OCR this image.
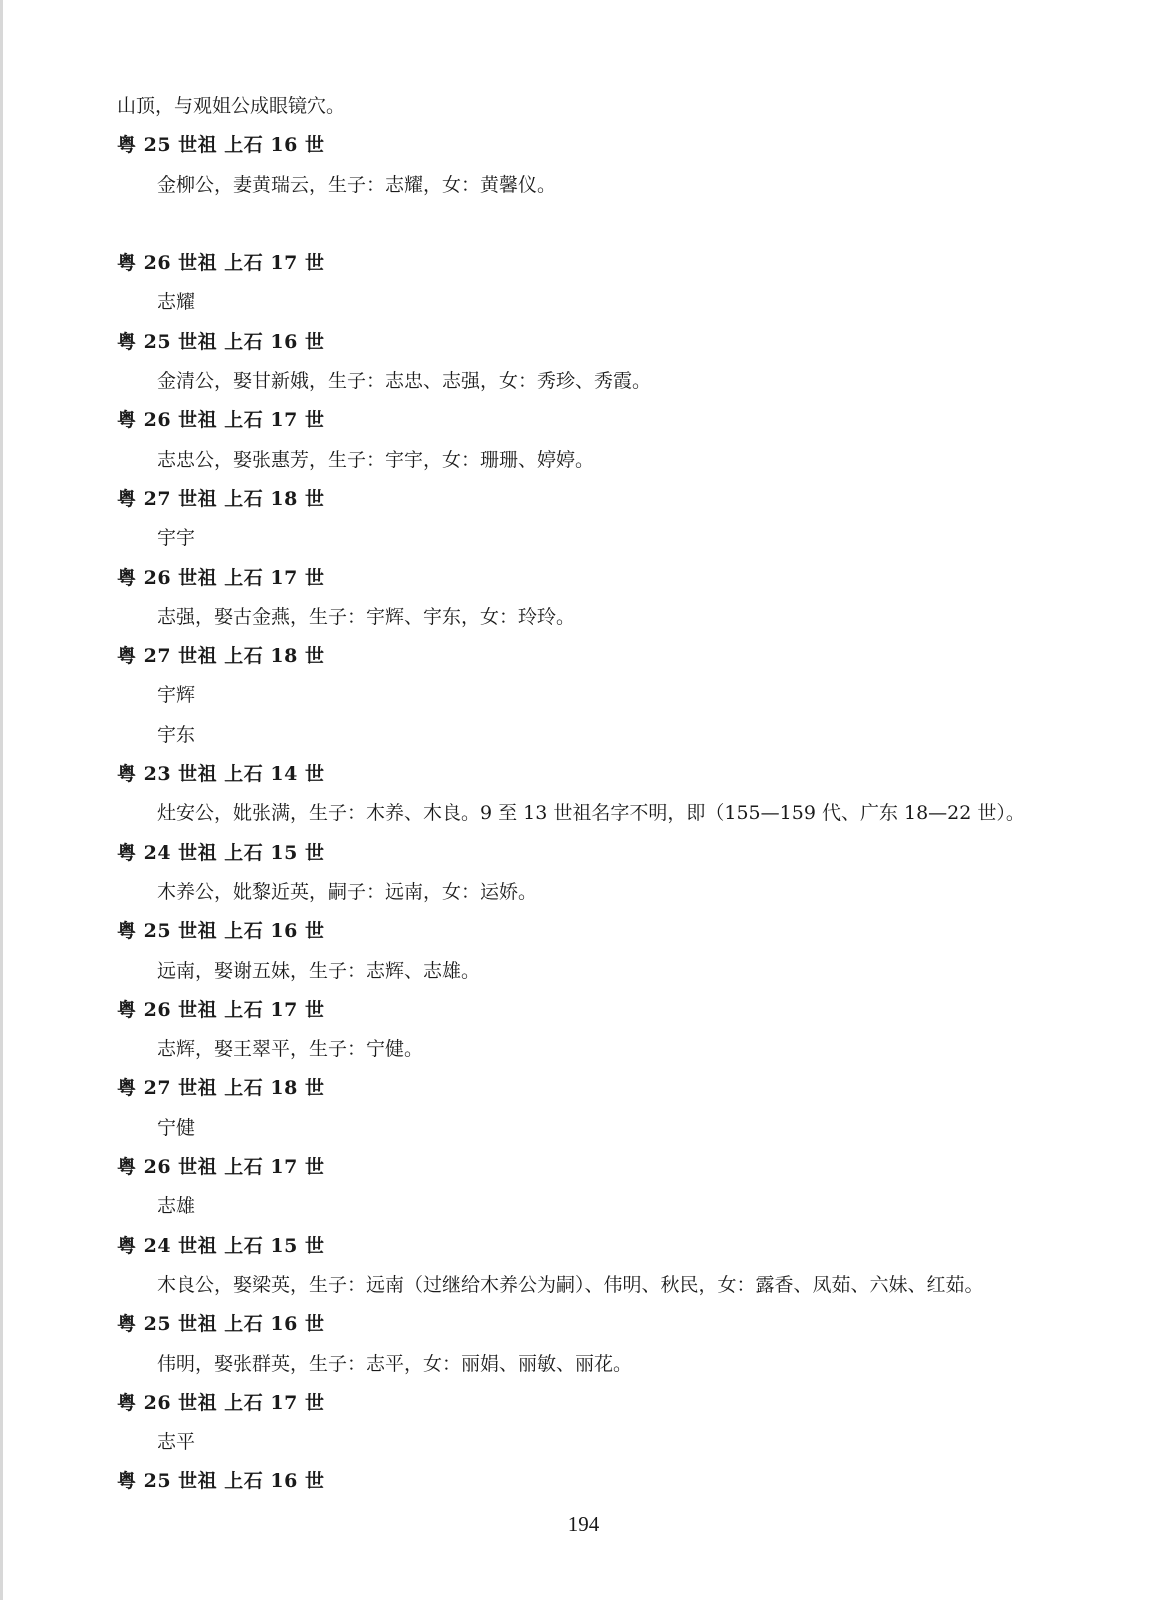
山顶，与观姐公成眼镜穴。
粤 25 世祖 上石 16 世
金柳公，妻黄瑞云，生子：志耀，女：黄馨仪。
粤 26 世祖 上石 17 世
志耀
粤 25 世祖 上石 16 世
金清公，娶甘新娥，生子：志忠、志强，女：秀珍、秀霞。
粤 26 世祖 上石 17 世
志忠公，娶张惠芳，生子：宇宇，女：珊珊、婷婷。
粤 27 世祖 上石 18 世
宇宇
粤 26 世祖 上石 17 世
志强，娶古金燕，生子：宇辉、宇东，女：玲玲。
粤 27 世祖 上石 18 世
宇辉
宇东
粤 23 世祖 上石 14 世
灶安公，妣张满，生子：木养、木良。9 至 13 世祖名字不明，即（155—159 代、广东 18—22 世）。
粤 24 世祖 上石 15 世
木养公，妣黎近英，嗣子：远南，女：运娇。
粤 25 世祖 上石 16 世
远南，娶谢五妹，生子：志辉、志雄。
粤 26 世祖 上石 17 世
志辉，娶王翠平，生子：宁健。
粤 27 世祖 上石 18 世
宁健
粤 26 世祖 上石 17 世
志雄
粤 24 世祖 上石 15 世
木良公，娶梁英，生子：远南（过继给木养公为嗣）、伟明、秋民，女：露香、凤茹、六妹、红茹。
粤 25 世祖 上石 16 世
伟明，娶张群英，生子：志平，女：丽娟、丽敏、丽花。
粤 26 世祖 上石 17 世
志平
粤 25 世祖 上石 16 世
194
